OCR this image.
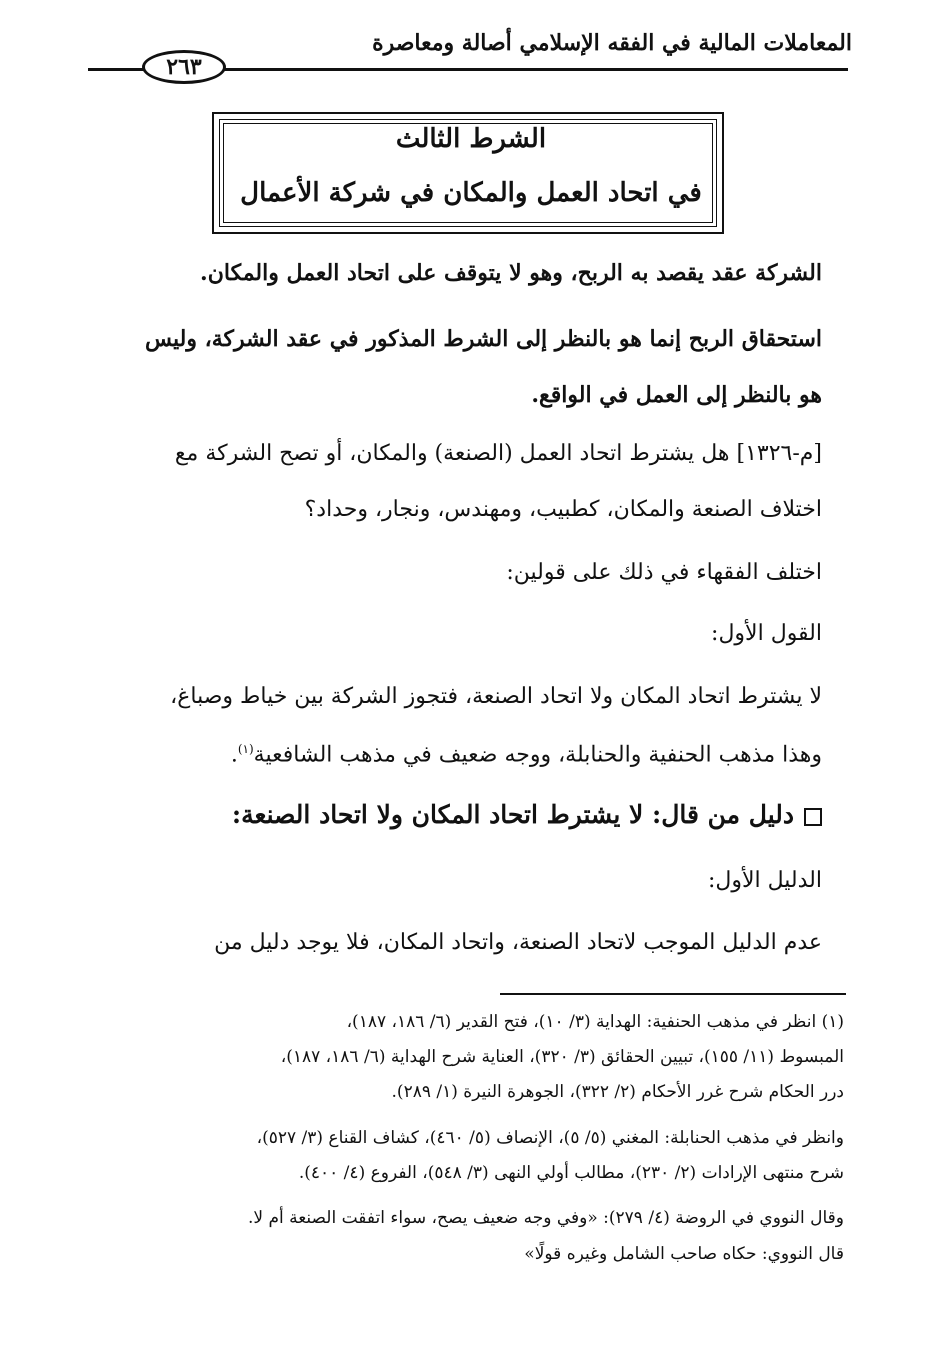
المعاملات المالية في الفقه الإسلامي أصالة ومعاصرة
٢٦٣
الشرط الثالث
في اتحاد العمل والمكان في شركة الأعمال
الشركة عقد يقصد به الربح، وهو لا يتوقف على اتحاد العمل والمكان.
استحقاق الربح إنما هو بالنظر إلى الشرط المذكور في عقد الشركة، وليس
هو بالنظر إلى العمل في الواقع.
[م-١٣٢٦] هل يشترط اتحاد العمل (الصنعة) والمكان، أو تصح الشركة مع
اختلاف الصنعة والمكان، كطبيب، ومهندس، ونجار، وحداد؟
اختلف الفقهاء في ذلك على قولين:
القول الأول:
لا يشترط اتحاد المكان ولا اتحاد الصنعة، فتجوز الشركة بين خياط وصباغ،
وهذا مذهب الحنفية والحنابلة، ووجه ضعيف في مذهب الشافعية$^{(١)}$.
دليل من قال: لا يشترط اتحاد المكان ولا اتحاد الصنعة:
الدليل الأول:
عدم الدليل الموجب لاتحاد الصنعة، واتحاد المكان، فلا يوجد دليل من
(١) انظر في مذهب الحنفية: الهداية (٣/ ١٠)، فتح القدير (٦/ ١٨٦، ١٨٧)،
المبسوط (١١/ ١٥٥)، تبيين الحقائق (٣/ ٣٢٠)، العناية شرح الهداية (٦/ ١٨٦، ١٨٧)،
درر الحكام شرح غرر الأحكام (٢/ ٣٢٢)، الجوهرة النيرة (١/ ٢٨٩).
وانظر في مذهب الحنابلة: المغني (٥/ ٥)، الإنصاف (٥/ ٤٦٠)، كشاف القناع (٣/ ٥٢٧)،
شرح منتهى الإرادات (٢/ ٢٣٠)، مطالب أولي النهى (٣/ ٥٤٨)، الفروع (٤/ ٤٠٠).
وقال النووي في الروضة (٤/ ٢٧٩): «وفي وجه ضعيف يصح، سواء اتفقت الصنعة أم لا.
قال النووي: حكاه صاحب الشامل وغيره قولًا»
